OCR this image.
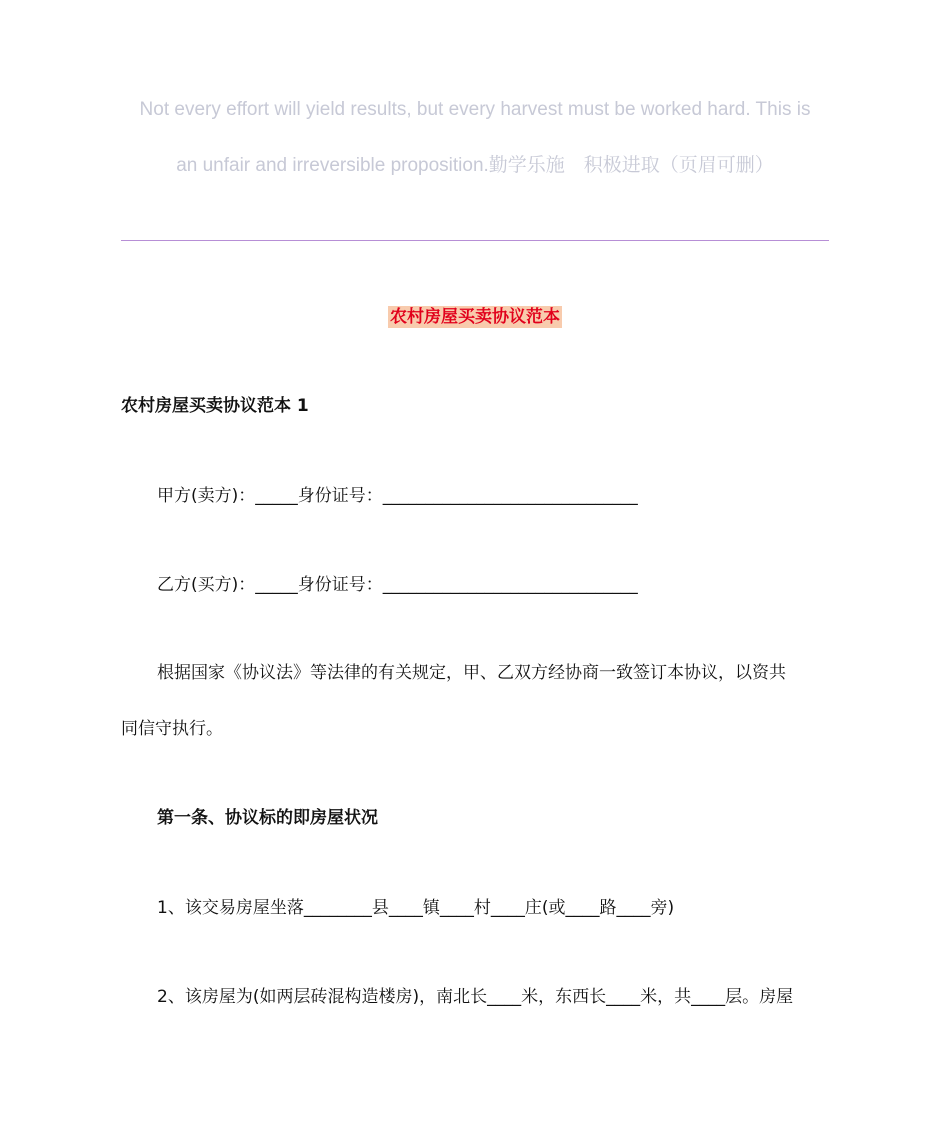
Not every effort will yield results, but every harvest must be worked hard. This is
an unfair and irreversible proposition.勤学乐施　积极进取（页眉可删）
农村房屋买卖协议范本
农村房屋买卖协议范本 1
甲方(卖方)：_____身份证号：______________________________
乙方(买方)：_____身份证号：______________________________
根据国家《协议法》等法律的有关规定，甲、乙双方经协商一致签订本协议，以资共
同信守执行。
第一条、协议标的即房屋状况
1、该交易房屋坐落________县____镇____村____庄(或____路____旁)
2、该房屋为(如两层砖混构造楼房)，南北长____米，东西长____米，共____层。房屋
